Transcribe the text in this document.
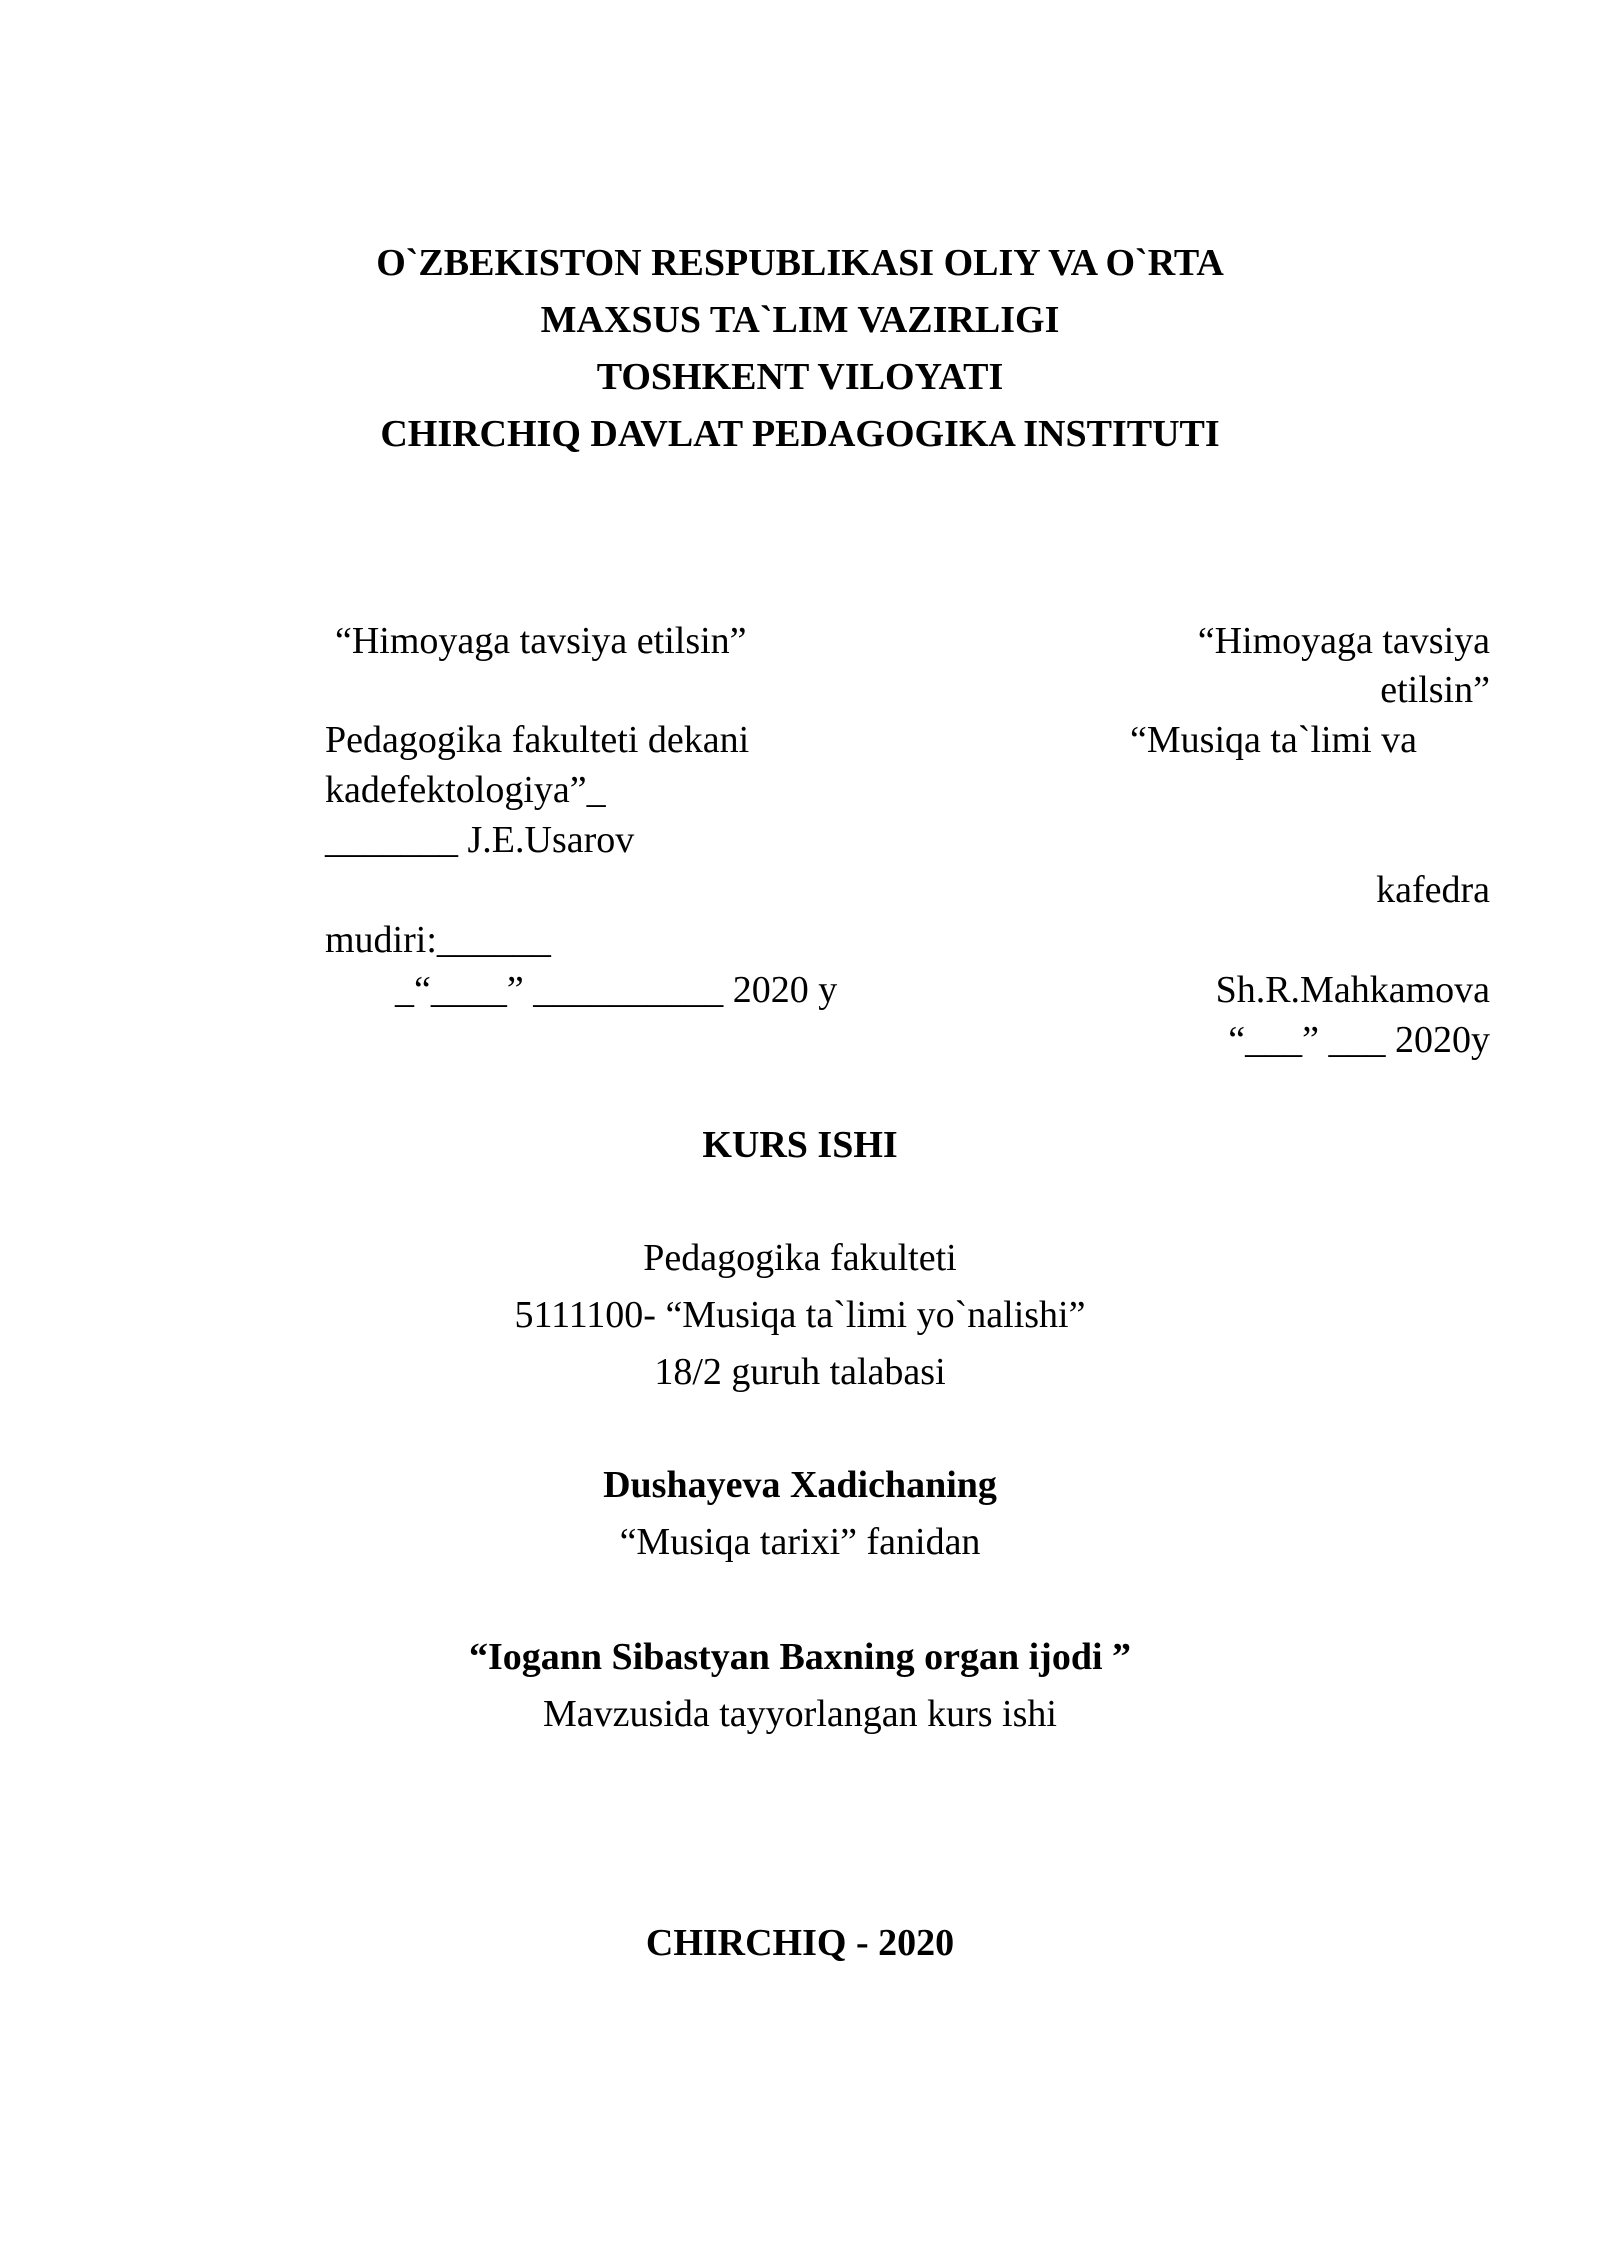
O`ZBEKISTON RESPUBLIKASI OLIY VA O`RTA

MAXSUS TA`LIM VAZIRLIGI

TOSHKENT VILOYATI

CHIRCHIQ DAVLAT PEDAGOGIKA INSTITUTI

“Himoyaga tavsiya etilsin”

Pedagogika fakulteti dekani

kadefektologiya”_

_______ J.E.Usarov

mudiri:______

_“____” __________ 2020 y

“Himoyaga tavsiya

etilsin”

“Musiqa ta`limi va

kafedra

Sh.R.Mahkamova

“___” ___ 2020y

KURS ISHI

Pedagogika fakulteti

5111100- “Musiqa ta`limi yo`nalishi”

18/2 guruh talabasi

Dushayeva Xadichaning

“Musiqa tarixi” fanidan

“Iogann Sibastyan Baxning organ ijodi ”

Mavzusida tayyorlangan kurs ishi

CHIRCHIQ - 2020
